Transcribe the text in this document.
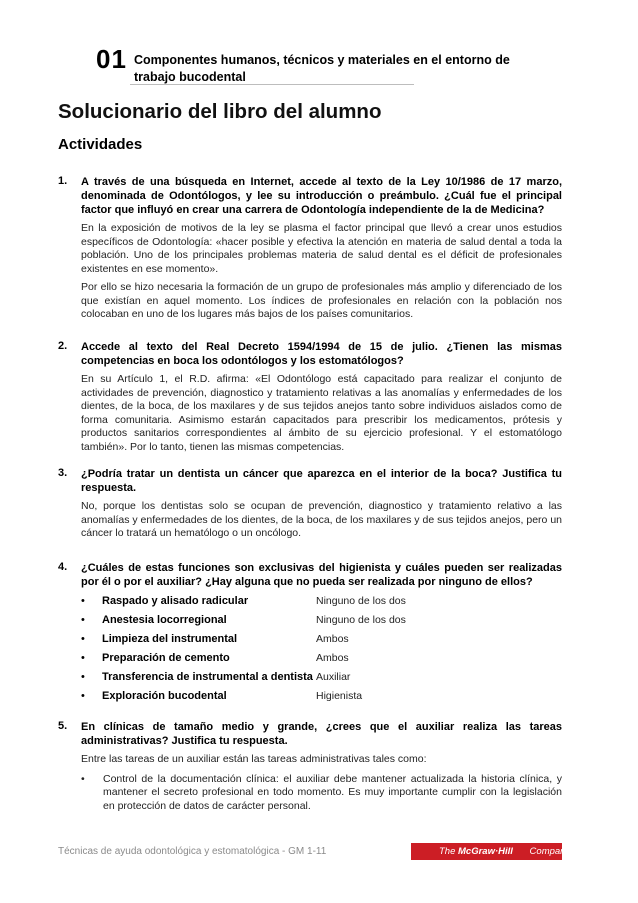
01 Componentes humanos, técnicos y materiales en el entorno de trabajo bucodental
Solucionario del libro del alumno
Actividades
1. A través de una búsqueda en Internet, accede al texto de la Ley 10/1986 de 17 marzo, denominada de Odontólogos, y lee su introducción o preámbulo. ¿Cuál fue el principal factor que influyó en crear una carrera de Odontología independiente de la de Medicina?
En la exposición de motivos de la ley se plasma el factor principal que llevó a crear unos estudios específicos de Odontología: «hacer posible y efectiva la atención en materia de salud dental a toda la población. Uno de los principales problemas materia de salud dental es el déficit de profesionales existentes en ese momento».
Por ello se hizo necesaria la formación de un grupo de profesionales más amplio y diferenciado de los que existían en aquel momento. Los índices de profesionales en relación con la población nos colocaban en uno de los lugares más bajos de los países comunitarios.
2. Accede al texto del Real Decreto 1594/1994 de 15 de julio. ¿Tienen las mismas competencias en boca los odontólogos y los estomatólogos?
En su Artículo 1, el R.D. afirma: «El Odontólogo está capacitado para realizar el conjunto de actividades de prevención, diagnostico y tratamiento relativas a las anomalías y enfermedades de los dientes, de la boca, de los maxilares y de sus tejidos anejos tanto sobre individuos aislados como de forma comunitaria. Asimismo estarán capacitados para prescribir los medicamentos, prótesis y productos sanitarios correspondientes al ámbito de su ejercicio profesional. Y el estomatólogo también». Por lo tanto, tienen las mismas competencias.
3. ¿Podría tratar un dentista un cáncer que aparezca en el interior de la boca? Justifica tu respuesta.
No, porque los dentistas solo se ocupan de prevención, diagnostico y tratamiento relativo a las anomalías y enfermedades de los dientes, de la boca, de los maxilares y de sus tejidos anejos, pero un cáncer lo tratará un hematólogo o un oncólogo.
4. ¿Cuáles de estas funciones son exclusivas del higienista y cuáles pueden ser realizadas por él o por el auxiliar? ¿Hay alguna que no pueda ser realizada por ninguno de ellos?
• Raspado y alisado radicular	Ninguno de los dos
• Anestesia locorregional	Ninguno de los dos
• Limpieza del instrumental	Ambos
• Preparación de cemento	Ambos
• Transferencia de instrumental a dentista Auxiliar
• Exploración bucodental	Higienista
5. En clínicas de tamaño medio y grande, ¿crees que el auxiliar realiza las tareas administrativas? Justifica tu respuesta.
Entre las tareas de un auxiliar están las tareas administrativas tales como:
• Control de la documentación clínica: el auxiliar debe mantener actualizada la historia clínica, y mantener el secreto profesional en todo momento. Es muy importante cumplir con la legislación en protección de datos de carácter personal.
Técnicas de ayuda odontológica y estomatológica - GM 1-11	The McGraw·Hill Companies
